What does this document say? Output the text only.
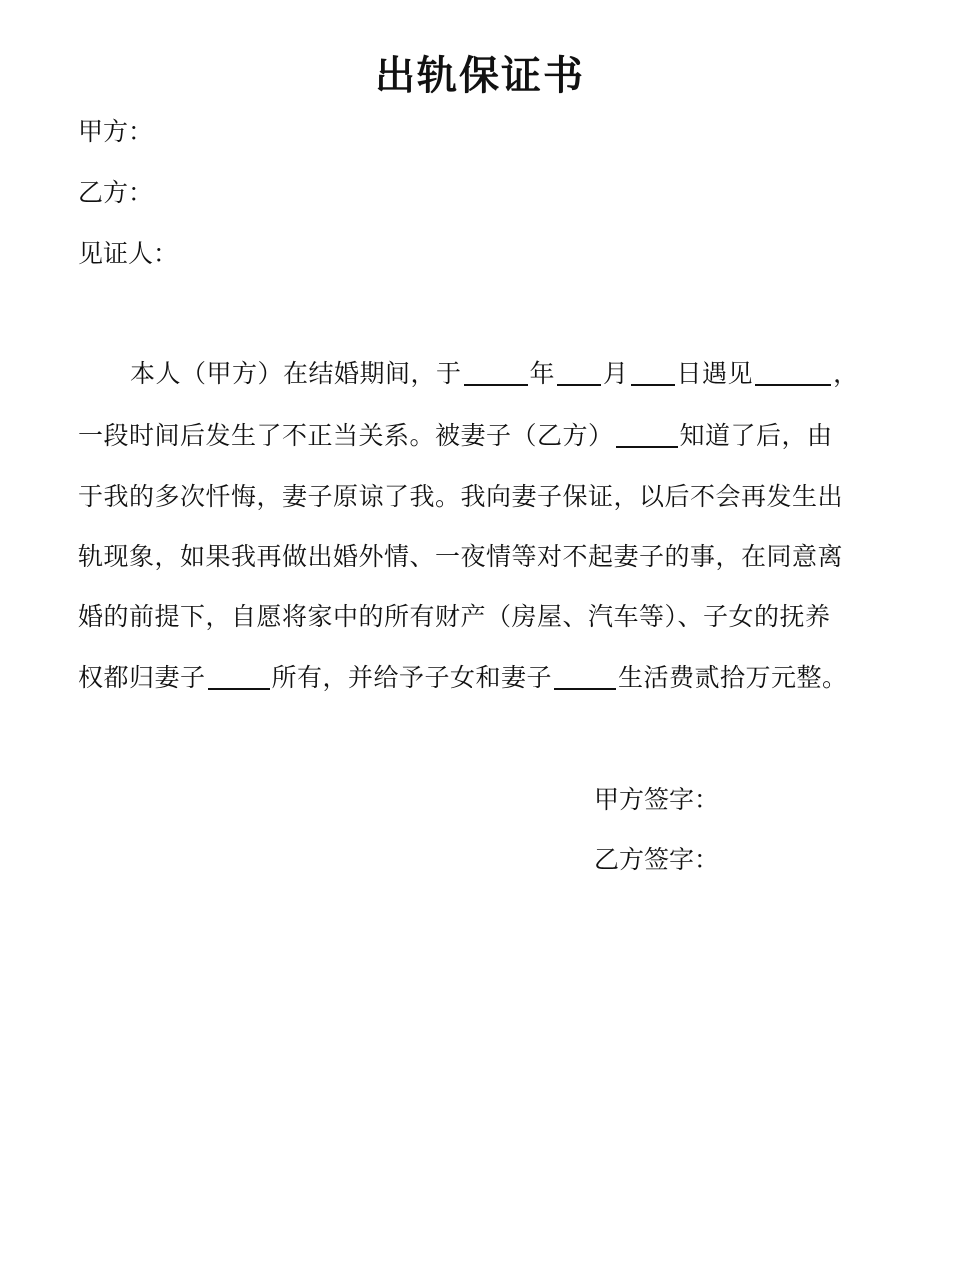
出轨保证书
甲方：
乙方：
见证人：
本人（甲方）在结婚期间，于	年 月 日遇见	，
一段时间后发生了不正当关系。被妻子（乙方）	知道了后，由
于我的多次忏悔，妻子原谅了我。我向妻子保证，以后不会再发生出
轨现象，如果我再做出婚外情、一夜情等对不起妻子的事，在同意离
婚的前提下，自愿将家中的所有财产（房屋、汽车等）、子女的抚养
权都归妻子	所有，并给予子女和妻子	生活费贰拾万元整。
甲方签字：
乙方签字：
